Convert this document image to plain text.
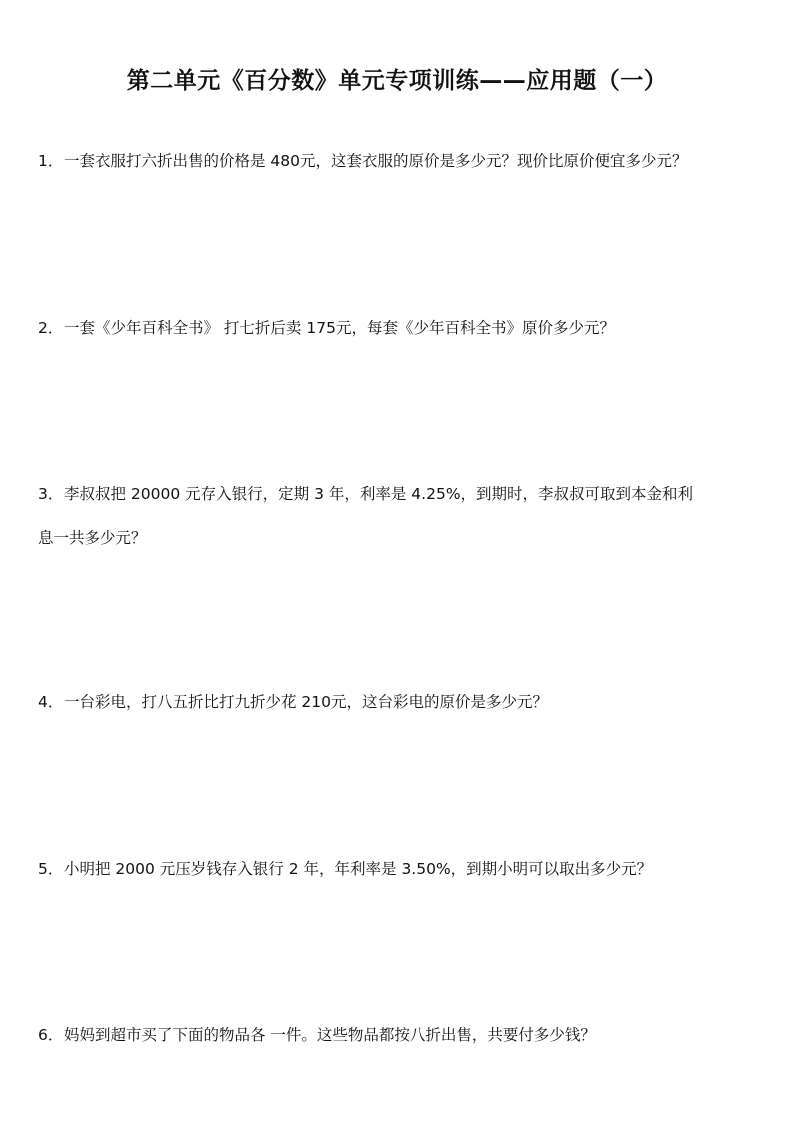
第二单元《百分数》单元专项训练——应用题（一）
1．一套衣服打六折出售的价格是 480元，这套衣服的原价是多少元？现价比原价便宜多少元？
2．一套《少年百科全书》 打七折后卖 175元，每套《少年百科全书》原价多少元？
3．李叔叔把 20000 元存入银行，定期 3 年，利率是 4.25%，到期时，李叔叔可取到本金和利
息一共多少元？
4．一台彩电，打八五折比打九折少花 210元，这台彩电的原价是多少元？
5．小明把 2000 元压岁钱存入银行 2 年，年利率是 3.50%，到期小明可以取出多少元？
6．妈妈到超市买了下面的物品各 一件。这些物品都按八折出售，共要付多少钱？
